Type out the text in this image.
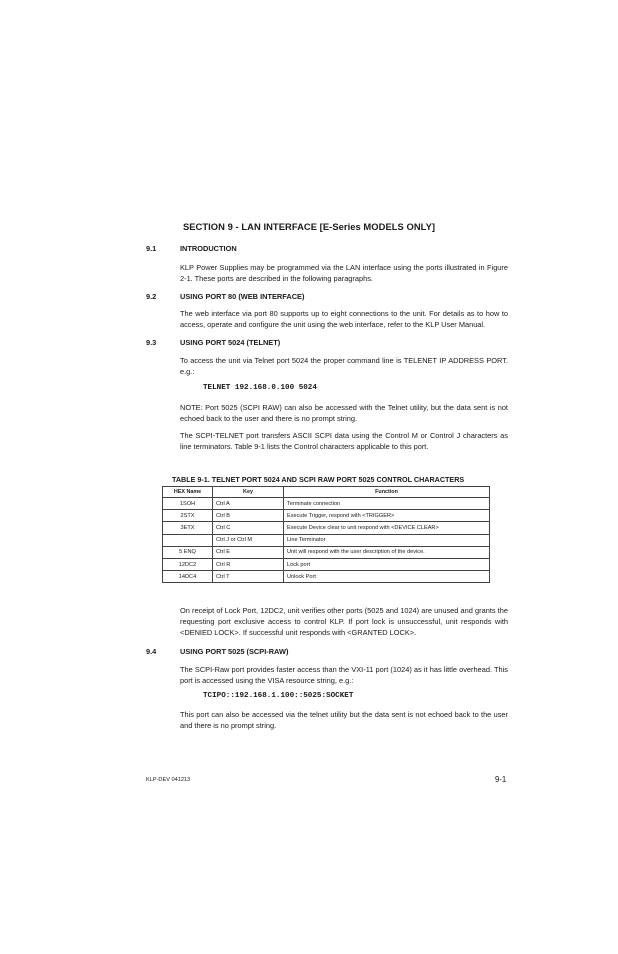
SECTION 9 - LAN INTERFACE [E-Series MODELS ONLY]
9.1	INTRODUCTION
KLP Power Supplies may be programmed via the LAN interface using the ports illustrated in Figure 2-1. These ports are described in the following paragraphs.
9.2	USING PORT 80 (WEB INTERFACE)
The web interface via port 80 supports up to eight connections to the unit. For details as to how to access, operate and configure the unit using the web interface, refer to the KLP User Manual.
9.3	USING PORT 5024 (TELNET)
To access the unit via Telnet port 5024 the proper command line is TELENET IP ADDRESS PORT. e.g.:
TELNET 192.168.0.100 5024
NOTE: Port 5025 (SCPI RAW) can also be accessed with the Telnet utility, but the data sent is not echoed back to the user and there is no prompt string.
The SCPI-TELNET port transfers ASCII SCPI data using the Control M or Control J characters as line terminators. Table 9-1 lists the Control characters applicable to this port.
TABLE 9-1. TELNET PORT 5024 AND SCPI RAW PORT 5025 CONTROL CHARACTERS
HEX Name	Key	Function
1SOH	Ctrl A	Terminate connection
2STX	Ctrl B	Execute Trigger, respond with <TRIGGER>
3ETX	Ctrl C	Execute Device clear to unit respond with <DEVICE CLEAR>
	Ctrl J or Ctrl M	Line Terminator
5 ENQ	Ctrl E	Unit will respond with the user description of the device.
12DC2	Ctrl R	Lock port
14DC4	Ctrl T	Unlock Port
On receipt of Lock Port, 12DC2, unit verifies other ports (5025 and 1024) are unused and grants the requesting port exclusive access to control KLP. If port lock is unsuccessful, unit responds with <DENIED LOCK>. If successful unit responds with <GRANTED LOCK>.
9.4	USING PORT 5025 (SCPI-RAW)
The SCPI-Raw port provides faster access than the VXI-11 port (1024) as it has little overhead. This port is accessed using the VISA resource string, e.g.:
TCIPO::192.168.1.100::5025:SOCKET
This port can also be accessed via the telnet utility but the data sent is not echoed back to the user and there is no prompt string.
KLP-DEV 041213	9-1
